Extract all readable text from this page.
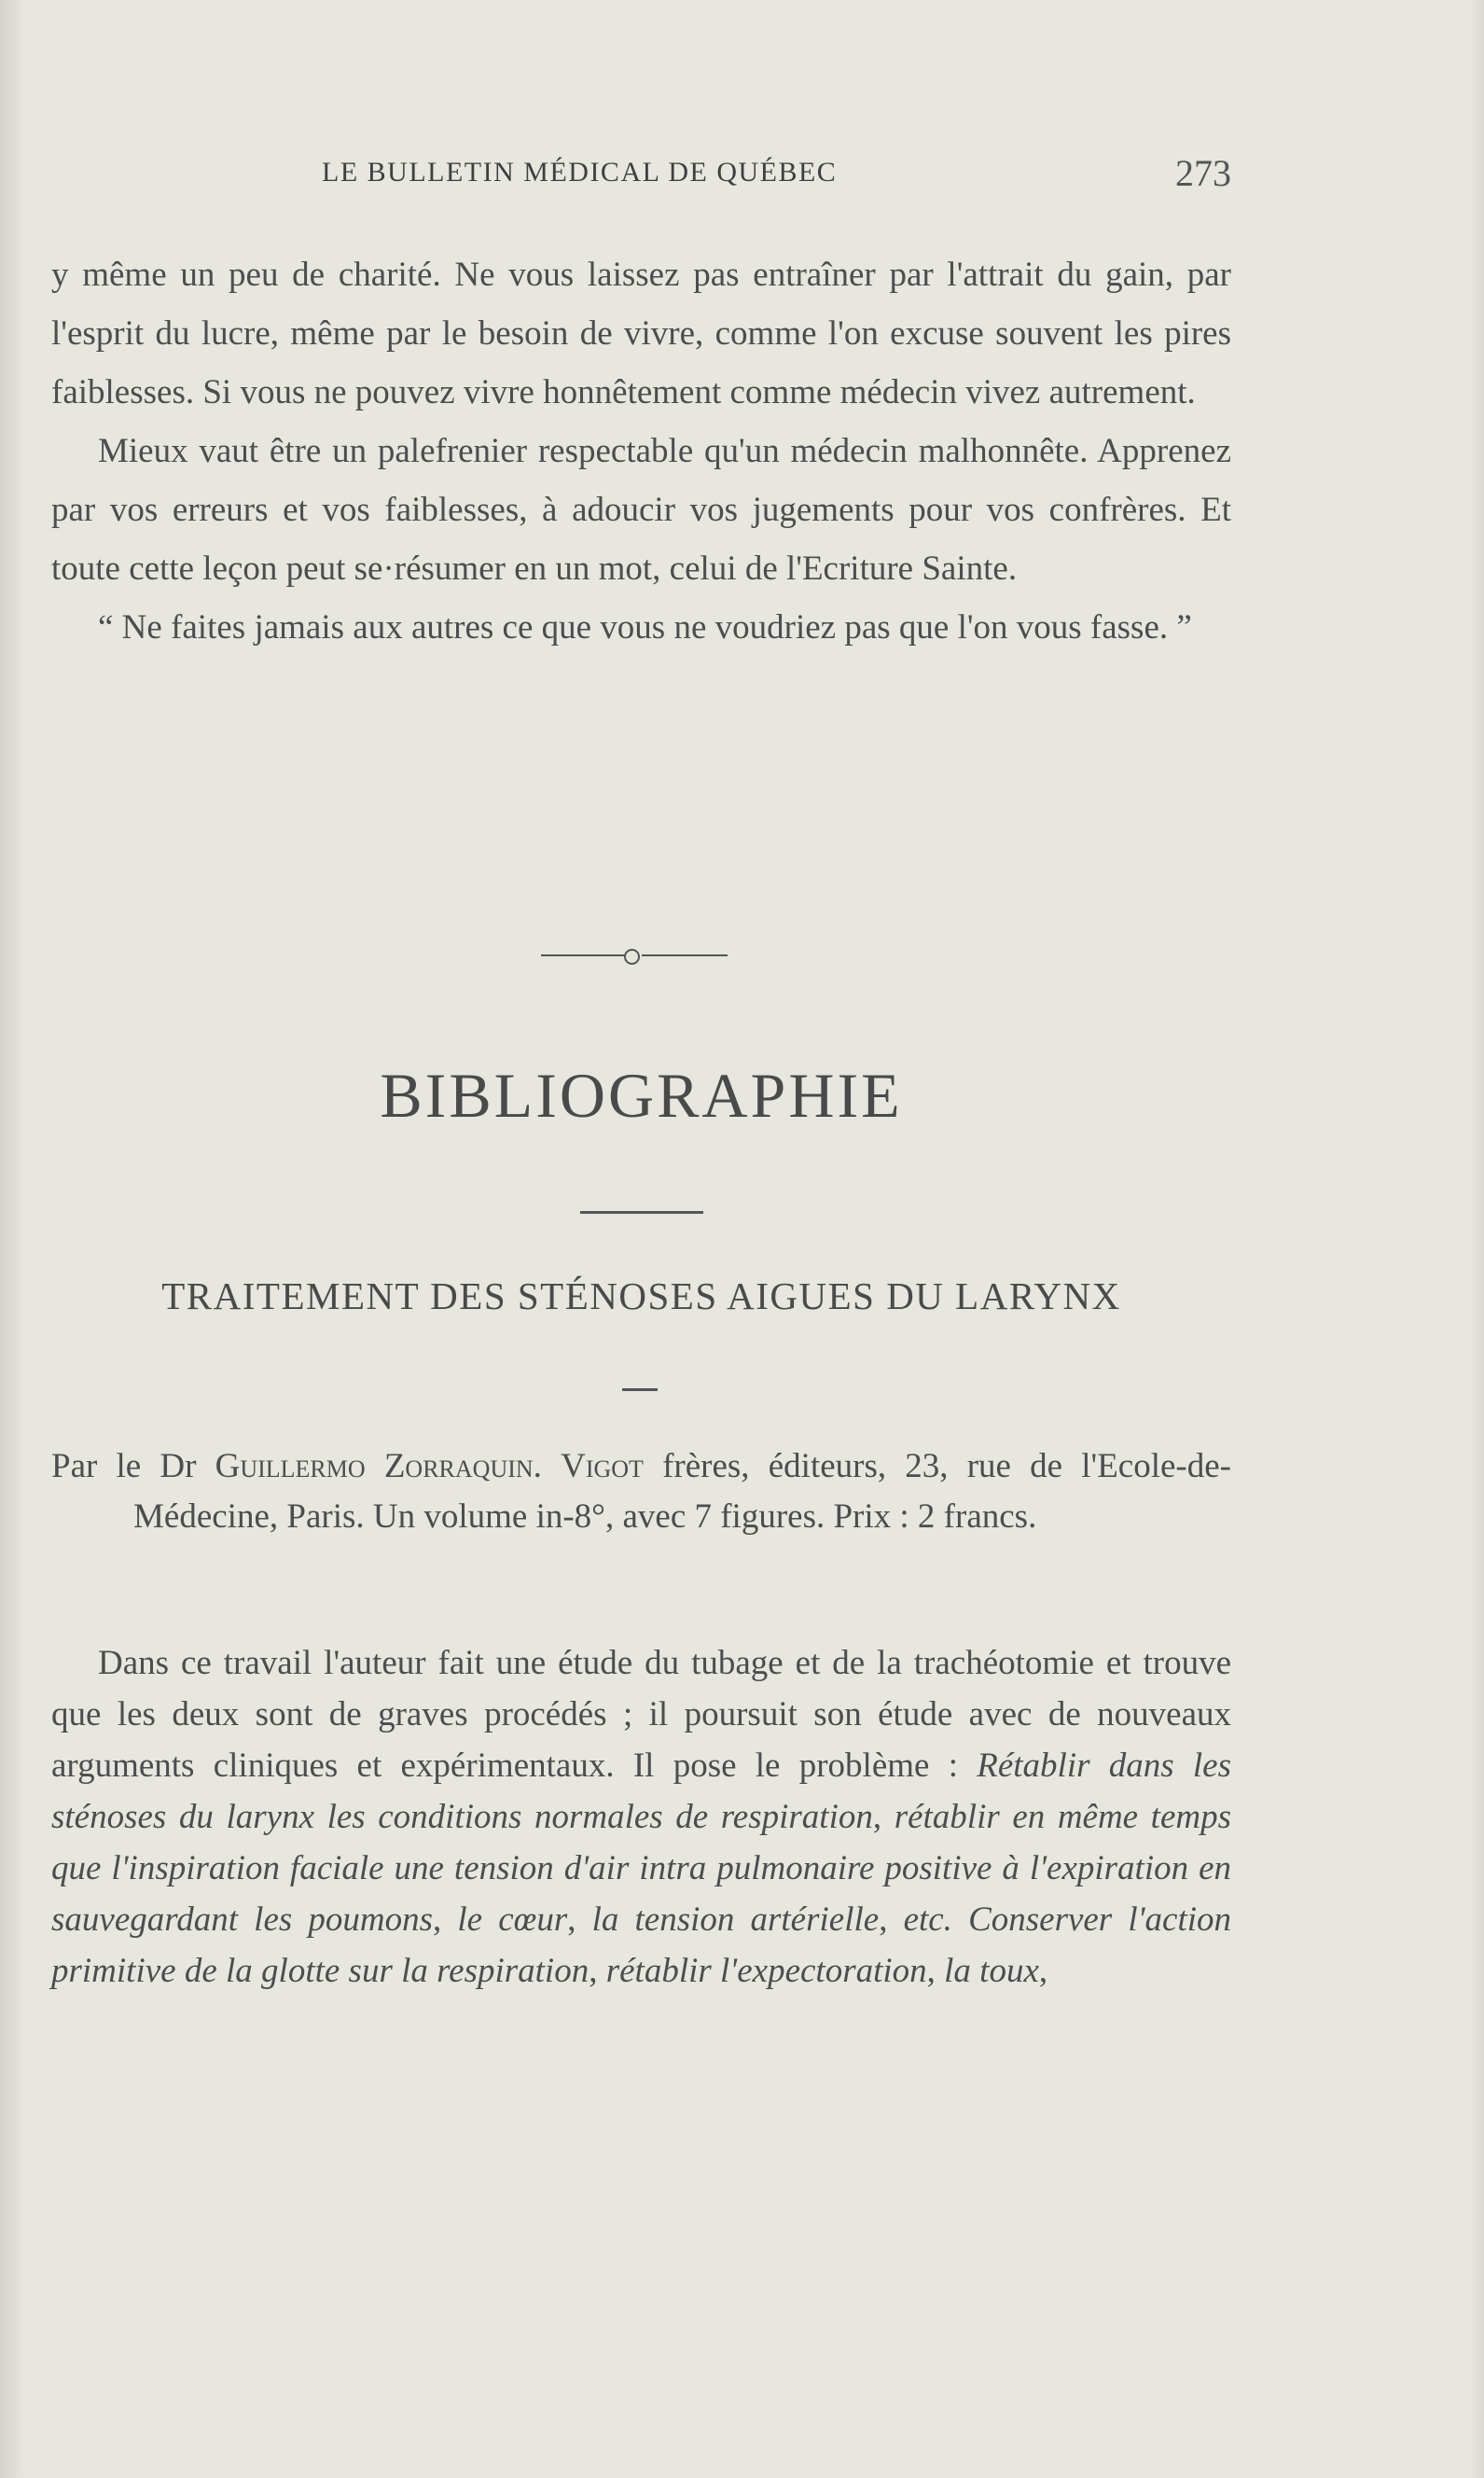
LE BULLETIN MÉDICAL DE QUÉBEC	273

y même un peu de charité. Ne vous laissez pas entraîner par l'attrait du gain, par l'esprit du lucre, même par le besoin de vivre, comme l'on excuse souvent les pires faiblesses. Si vous ne pouvez vivre honnêtement comme médecin vivez autrement.

Mieux vaut être un palefrenier respectable qu'un médecin malhonnête. Apprenez par vos erreurs et vos faiblesses, à adoucir vos jugements pour vos confrères. Et toute cette leçon peut se·résumer en un mot, celui de l'Ecriture Sainte.

“ Ne faites jamais aux autres ce que vous ne voudriez pas que l'on vous fasse. ”

BIBLIOGRAPHIE
TRAITEMENT DES STÉNOSES AIGUES DU LARYNX
Par le Dr Guillermo Zorraquin. Vigot frères, éditeurs, 23, rue de l'Ecole-de-Médecine, Paris. Un volume in-8°, avec 7 figures. Prix : 2 francs.

Dans ce travail l'auteur fait une étude du tubage et de la trachéotomie et trouve que les deux sont de graves procédés ; il poursuit son étude avec de nouveaux arguments cliniques et expérimentaux. Il pose le problème : Rétablir dans les sténoses du larynx les conditions normales de respiration, rétablir en même temps que l'inspiration faciale une tension d'air intra pulmonaire positive à l'expiration en sauvegardant les poumons, le cœur, la tension artérielle, etc. Conserver l'action primitive de la glotte sur la respiration, rétablir l'expectoration, la toux,
